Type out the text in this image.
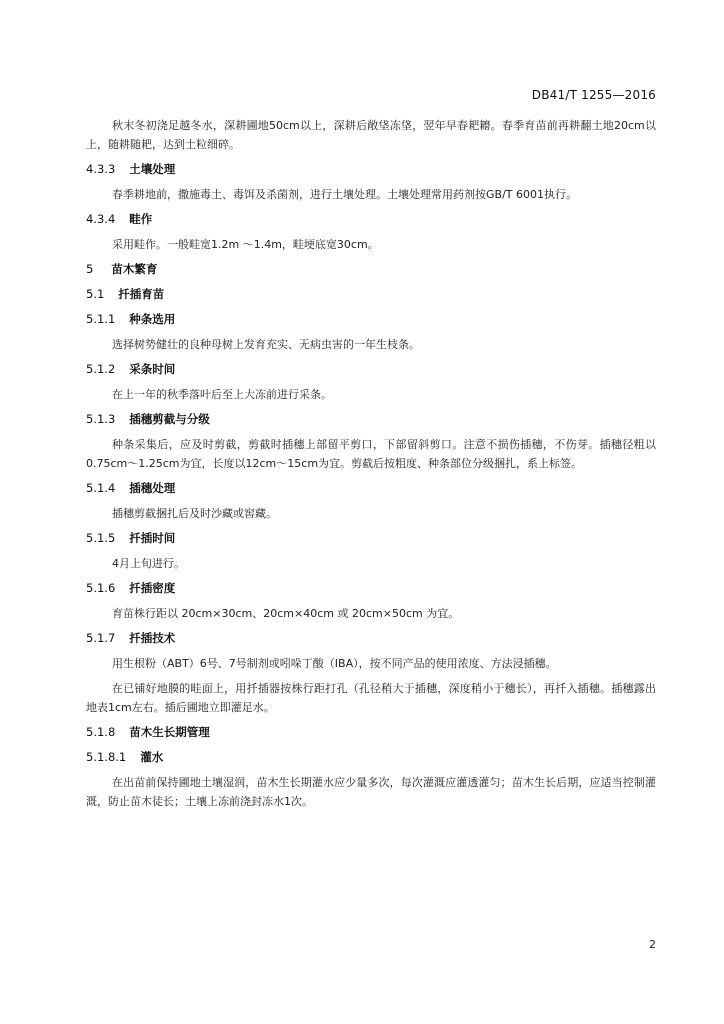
DB41/T 1255—2016

秋末冬初浇足越冬水，深耕圃地50cm以上，深耕后敞垡冻垡，翌年早春耙耱。春季育苗前再耕翻土地20cm以上，随耕随耙，达到土粒细碎。

4.3.3 土壤处理

春季耕地前，撒施毒土、毒饵及杀菌剂，进行土壤处理。土壤处理常用药剂按GB/T 6001执行。

4.3.4 畦作

采用畦作。一般畦宽1.2m ～1.4m，畦埂底宽30cm。

5 苗木繁育
5.1 扦插育苗
5.1.1 种条选用

选择树势健壮的良种母树上发育充实、无病虫害的一年生枝条。

5.1.2 采条时间

在上一年的秋季落叶后至上大冻前进行采条。

5.1.3 插穗剪截与分级

种条采集后，应及时剪截，剪截时插穗上部留平剪口，下部留斜剪口。注意不损伤插穗，不伤芽。插穗径粗以0.75cm～1.25cm为宜，长度以12cm～15cm为宜。剪截后按粗度、种条部位分级捆扎，系上标签。

5.1.4 插穗处理

插穗剪截捆扎后及时沙藏或窖藏。

5.1.5 扦插时间

4月上旬进行。

5.1.6 扦插密度

育苗株行距以 20cm×30cm、20cm×40cm 或 20cm×50cm 为宜。

5.1.7 扦插技术

用生根粉（ABT）6号、7号制剂或吲哚丁酸（IBA），按不同产品的使用浓度、方法浸插穗。

在已铺好地膜的畦面上，用扦插器按株行距打孔（孔径稍大于插穗，深度稍小于穗长），再扦入插穗。插穗露出地表1cm左右。插后圃地立即灌足水。

5.1.8 苗木生长期管理
5.1.8.1 灌水

在出苗前保持圃地土壤湿润，苗木生长期灌水应少量多次，每次灌溉应灌透灌匀；苗木生长后期，应适当控制灌溉，防止苗木徒长；土壤上冻前浇封冻水1次。

2
